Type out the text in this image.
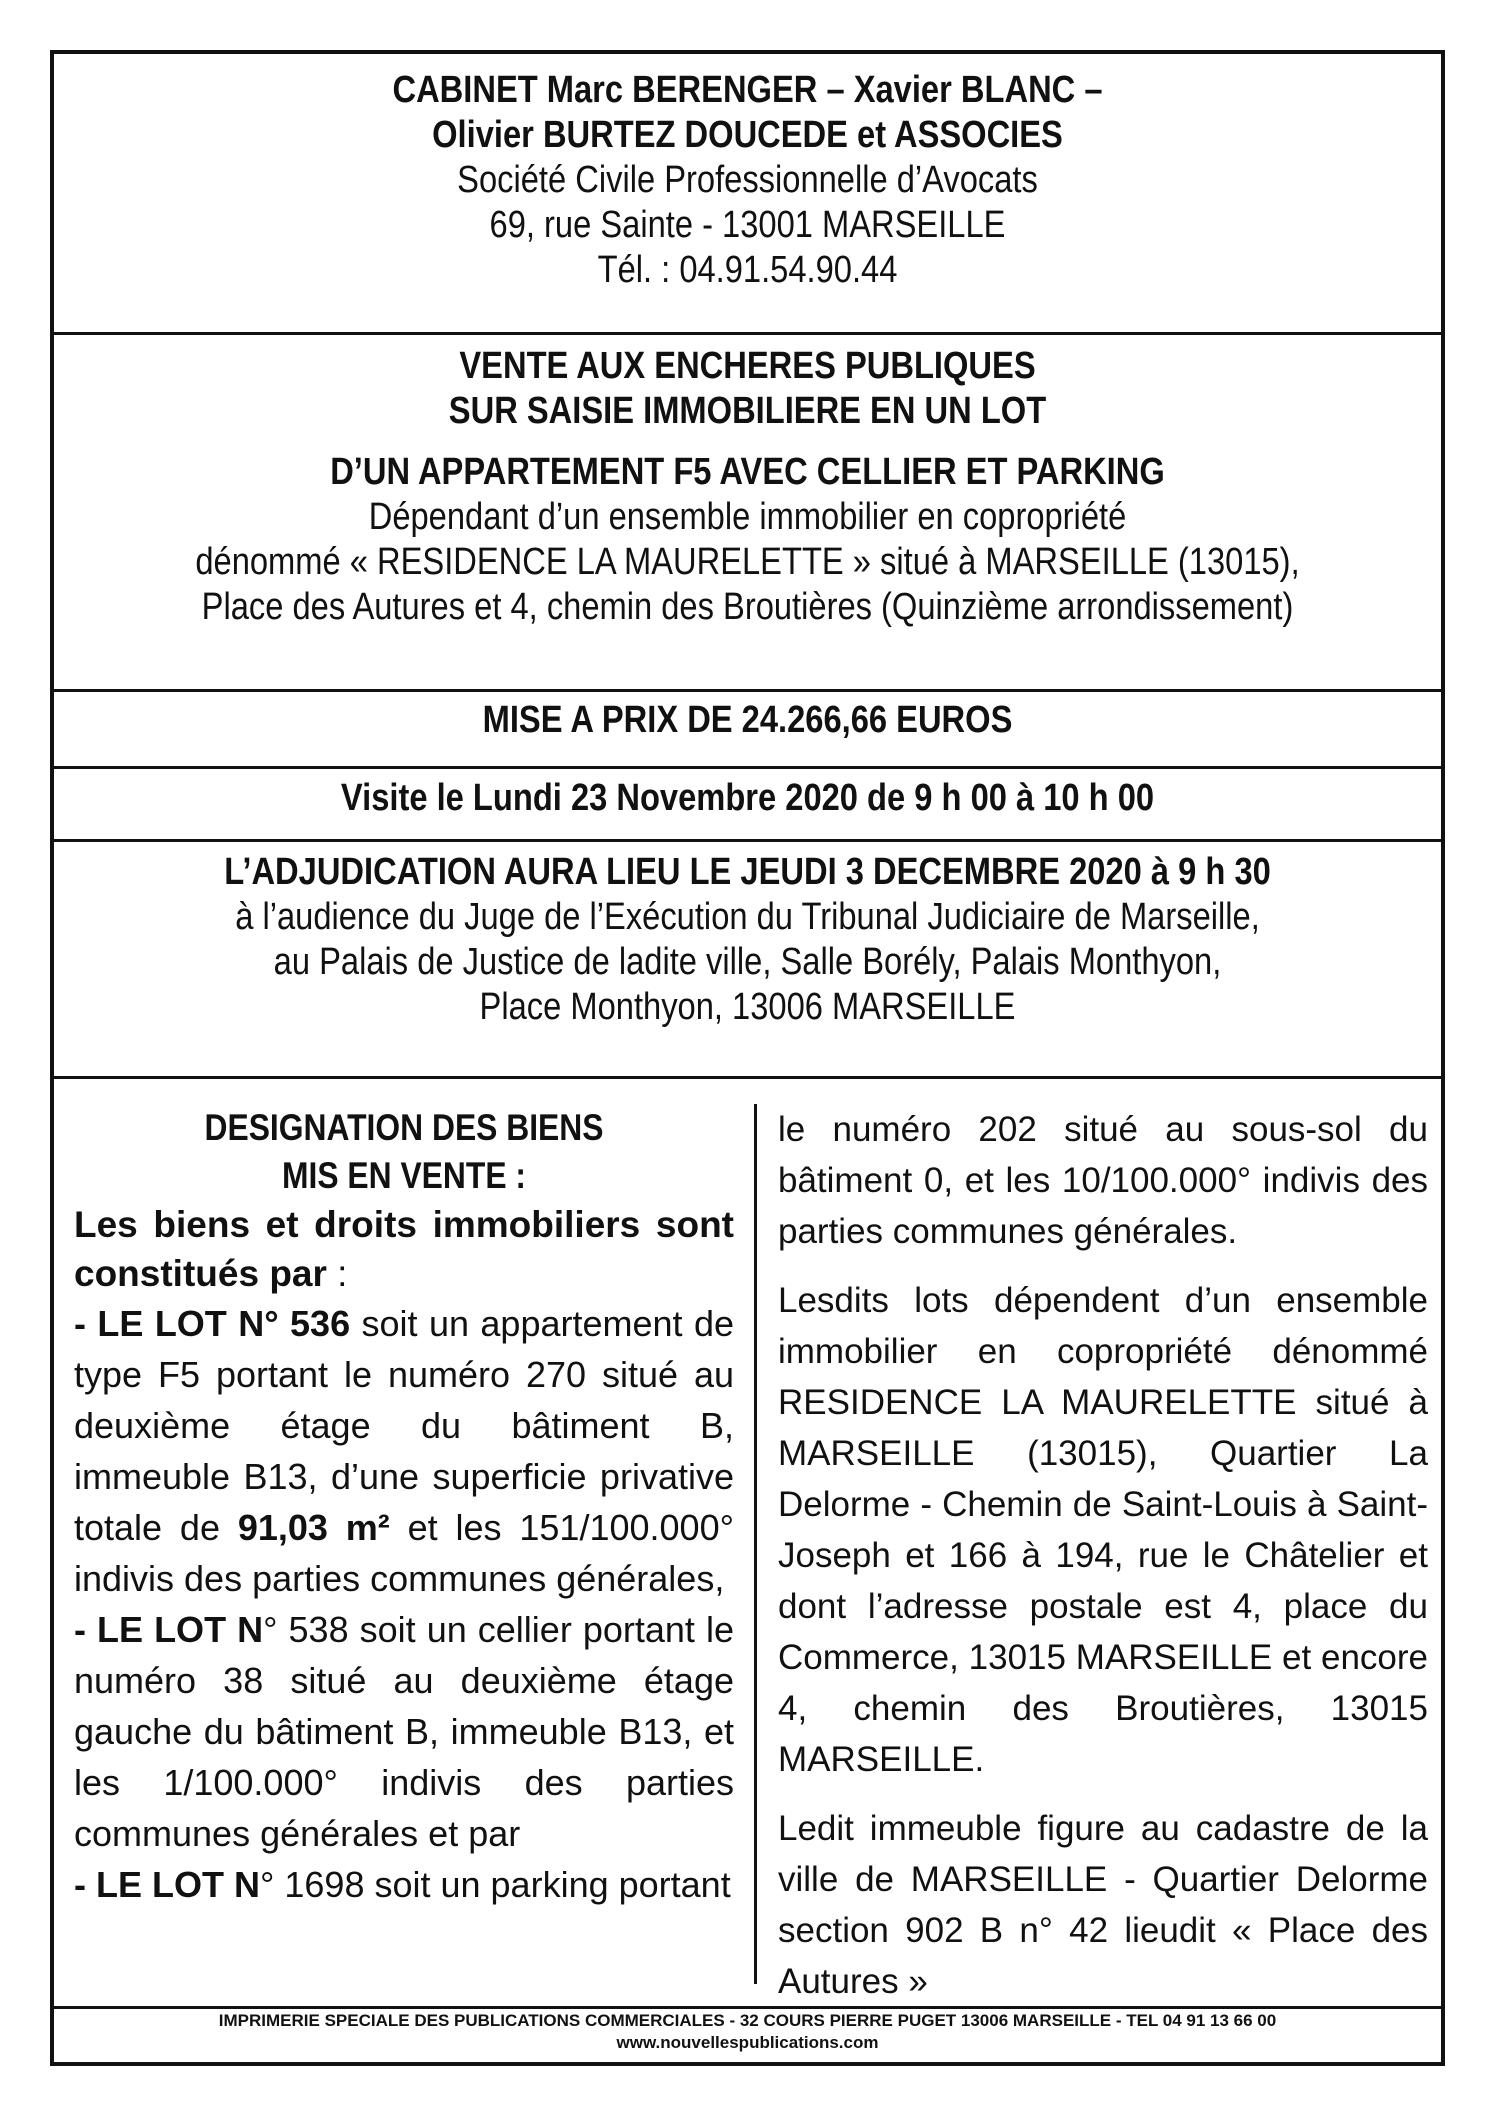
CABINET Marc BERENGER – Xavier BLANC –
Olivier BURTEZ DOUCEDE et ASSOCIES
Société Civile Professionnelle d’Avocats
69, rue Sainte - 13001 MARSEILLE
Tél. : 04.91.54.90.44
VENTE AUX ENCHERES PUBLIQUES
SUR SAISIE IMMOBILIERE EN UN LOT
D’UN APPARTEMENT F5 AVEC CELLIER ET PARKING
Dépendant d’un ensemble immobilier en copropriété
dénommé « RESIDENCE LA MAURELETTE » situé à MARSEILLE (13015),
Place des Autures et 4, chemin des Broutières (Quinzième arrondissement)
MISE A PRIX DE 24.266,66 EUROS
Visite le Lundi 23 Novembre 2020 de 9 h 00 à 10 h 00
L’ADJUDICATION AURA LIEU LE JEUDI 3 DECEMBRE 2020 à 9 h 30
à l’audience du Juge de l’Exécution du Tribunal Judiciaire de Marseille,
au Palais de Justice de ladite ville, Salle Borély, Palais Monthyon,
Place Monthyon, 13006 MARSEILLE
DESIGNATION DES BIENS
MIS EN VENTE :
Les biens et droits immobiliers sont constitués par :
- LE LOT N° 536 soit un appartement de type F5 portant le numéro 270 situé au deuxième étage du bâtiment B, immeuble B13, d’une superficie privative totale de 91,03 m² et les 151/100.000° indivis des parties communes générales,
- LE LOT N° 538 soit un cellier portant le numéro 38 situé au deuxième étage gauche du bâtiment B, immeuble B13, et les 1/100.000° indivis des parties communes générales et par
- LE LOT N° 1698 soit un parking portant

le numéro 202 situé au sous-sol du bâtiment 0, et les 10/100.000° indivis des parties communes générales.

Lesdits lots dépendent d’un ensemble immobilier en copropriété dénommé RESIDENCE LA MAURELETTE situé à MARSEILLE (13015), Quartier La Delorme - Chemin de Saint-Louis à Saint-Joseph et 166 à 194, rue le Châtelier et dont l’adresse postale est 4, place du Commerce, 13015 MARSEILLE et encore 4, chemin des Broutières, 13015 MARSEILLE.

Ledit immeuble figure au cadastre de la ville de MARSEILLE - Quartier Delorme section 902 B n° 42 lieudit « Place des Autures »

IMPRIMERIE SPECIALE DES PUBLICATIONS COMMERCIALES - 32 COURS PIERRE PUGET 13006 MARSEILLE - TEL 04 91 13 66 00
www.nouvellespublications.com
